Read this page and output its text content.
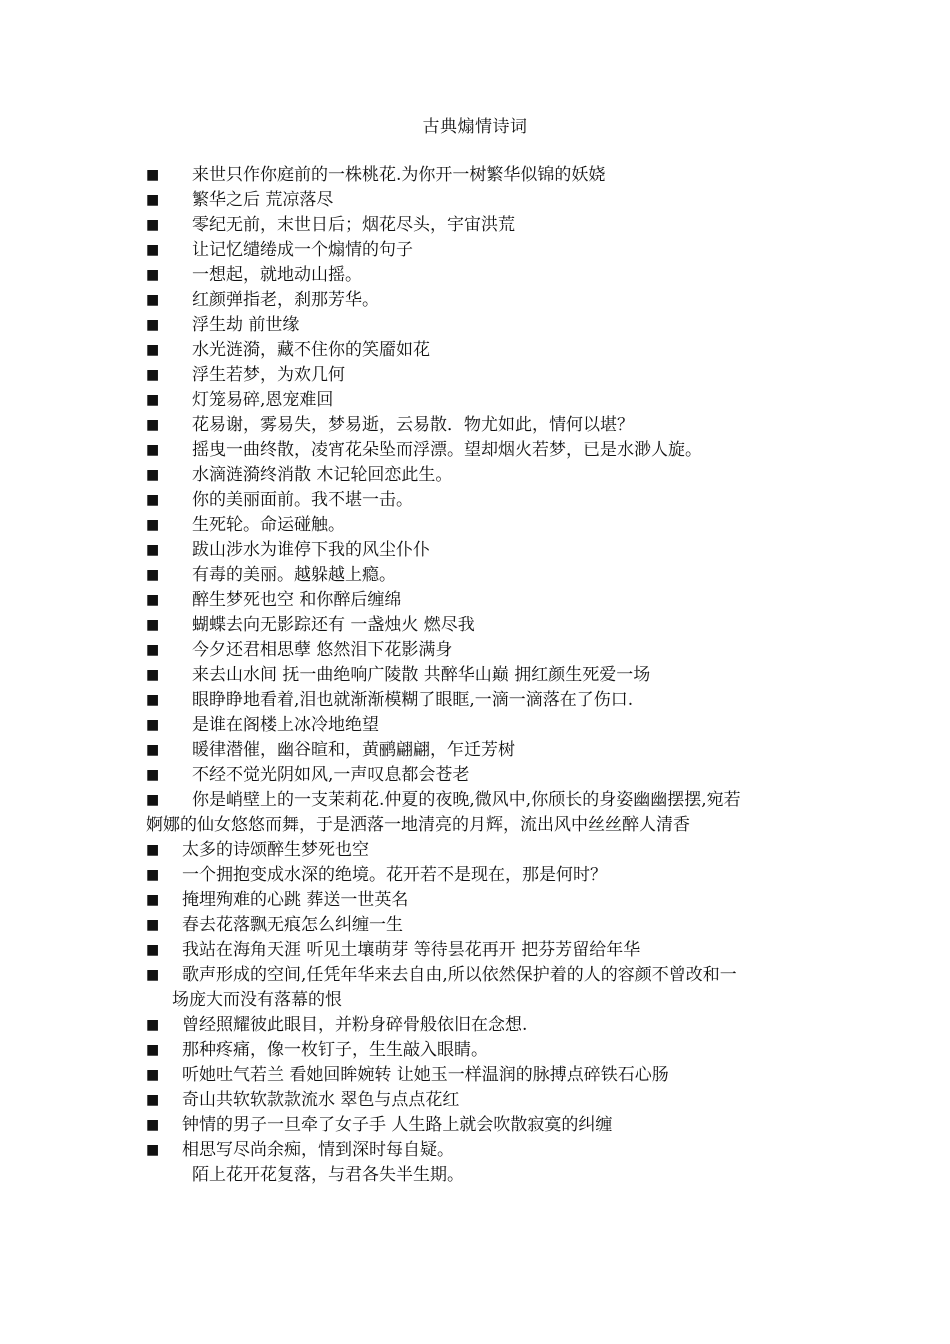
古典煽情诗词
■	来世只作你庭前的一株桃花.为你开一树繁华似锦的妖娆
■	繁华之后 荒凉落尽
■	零纪无前，末世日后；烟花尽头，宇宙洪荒
■	让记忆缱绻成一个煽情的句子
■	一想起，就地动山摇。
■	红颜弹指老，刹那芳华。
■	浮生劫 前世缘
■	水光涟漪，藏不住你的笑靥如花
■	浮生若梦，为欢几何
■	灯笼易碎,恩宠难回
■	花易谢，雾易失，梦易逝，云易散．物尤如此，情何以堪？
■	摇曳一曲终散，凌宵花朵坠而浮漂。望却烟火若梦，已是水渺人旋。
■	水滴涟漪终消散 木记轮回恋此生。
■	你的美丽面前。我不堪一击。
■	生死轮。命运碰触。
■	跋山涉水为谁停下我的风尘仆仆
■	有毒的美丽。越躲越上瘾。
■	醉生梦死也空 和你醉后缠绵
■	蝴蝶去向无影踪还有 一盏烛火 燃尽我
■	今夕还君相思孽 悠然泪下花影满身
■	来去山水间 抚一曲绝响广陵散 共醉华山巅 拥红颜生死爱一场
■	眼睁睁地看着,泪也就渐渐模糊了眼眶,一滴一滴落在了伤口.
■	是谁在阁楼上冰冷地绝望
■	暖律潜催，幽谷暄和，黄鹂翩翩，乍迁芳树
■	不经不觉光阴如风,一声叹息都会苍老
■	你是峭壁上的一支茉莉花.仲夏的夜晚,微风中,你颀长的身姿幽幽摆摆,宛若
婀娜的仙女悠悠而舞，于是洒落一地清亮的月辉，流出风中丝丝醉人清香
■	太多的诗颂醉生梦死也空
■	一个拥抱变成水深的绝境。花开若不是现在，那是何时？
■	掩埋殉难的心跳 葬送一世英名
■	春去花落飘无痕怎么纠缠一生
■	我站在海角天涯 听见土壤萌芽 等待昙花再开 把芬芳留给年华
■	歌声形成的空间,任凭年华来去自由,所以依然保护着的人的容颜不曾改和一
场庞大而没有落幕的恨
■	曾经照耀彼此眼目，并粉身碎骨般依旧在念想.
■	那种疼痛，像一枚钉子，生生敲入眼睛。
■	听她吐气若兰 看她回眸婉转 让她玉一样温润的脉搏点碎铁石心肠
■	奇山共软软款款流水 翠色与点点花红
■	钟情的男子一旦牵了女子手 人生路上就会吹散寂寞的纠缠
■	相思写尽尚余痴，情到深时每自疑。
陌上花开花复落，与君各失半生期。
